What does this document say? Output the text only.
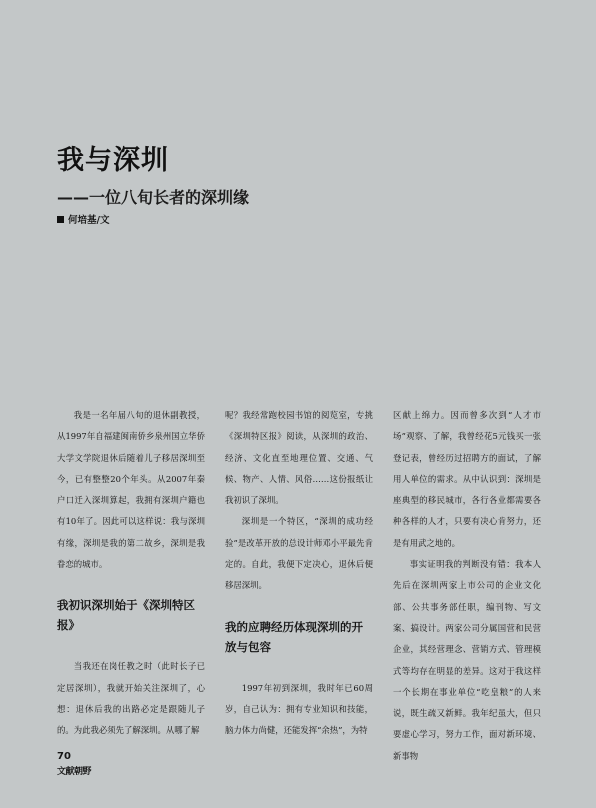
我与深圳
——一位八旬长者的深圳缘
何培基/文

我是一名年届八旬的退休副教授，从1997年自福建闽南侨乡泉州国立华侨大学文学院退休后随着儿子移居深圳至今，已有整整20个年头。从2007年秦户口迁入深圳算起，我拥有深圳户籍也有10年了。因此可以这样说：我与深圳有缘，深圳是我的第二故乡，深圳是我眷恋的城市。

我初识深圳始于《深圳特区报》

当我还在岗任教之时（此时长子已定居深圳），我就开始关注深圳了，心想：退休后我的出路必定是跟随儿子的。为此我必须先了解深圳。从哪了解

呢？我经常跑校园书馆的阅览室，专挑《深圳特区报》阅读，从深圳的政治、经济、文化直至地理位置、交通、气候、物产、人情、风俗……这份报纸让我初识了深圳。

深圳是一个特区，“深圳的成功经验”是改革开放的总设计师邓小平最先肯定的。自此，我便下定决心，退休后便移居深圳。

我的应聘经历体现深圳的开放与包容

1997年初到深圳，我时年已60周岁，自己认为：拥有专业知识和技能，脑力体力尚健，还能发挥“余热”，为特

区献上绵力。因而曾多次到“人才市场”观察、了解，我曾经花5元钱买一张登记表，曾经历过招聘方的面试，了解用人单位的需求。从中认识到：深圳是座典型的移民城市，各行各业都需要各种各样的人才，只要有决心肯努力，还是有用武之地的。

事实证明我的判断没有错：我本人先后在深圳两家上市公司的企业文化部、公共事务部任职，编刊物、写文案、搞设计。两家公司分属国营和民营企业，其经营理念、营销方式、管理模式等均存在明显的差异。这对于我这样一个长期在事业单位“吃皇粮”的人来说，既生疏又新鲜。我年纪虽大，但只要虚心学习，努力工作，面对新环境、新事物

70
文献朝野
